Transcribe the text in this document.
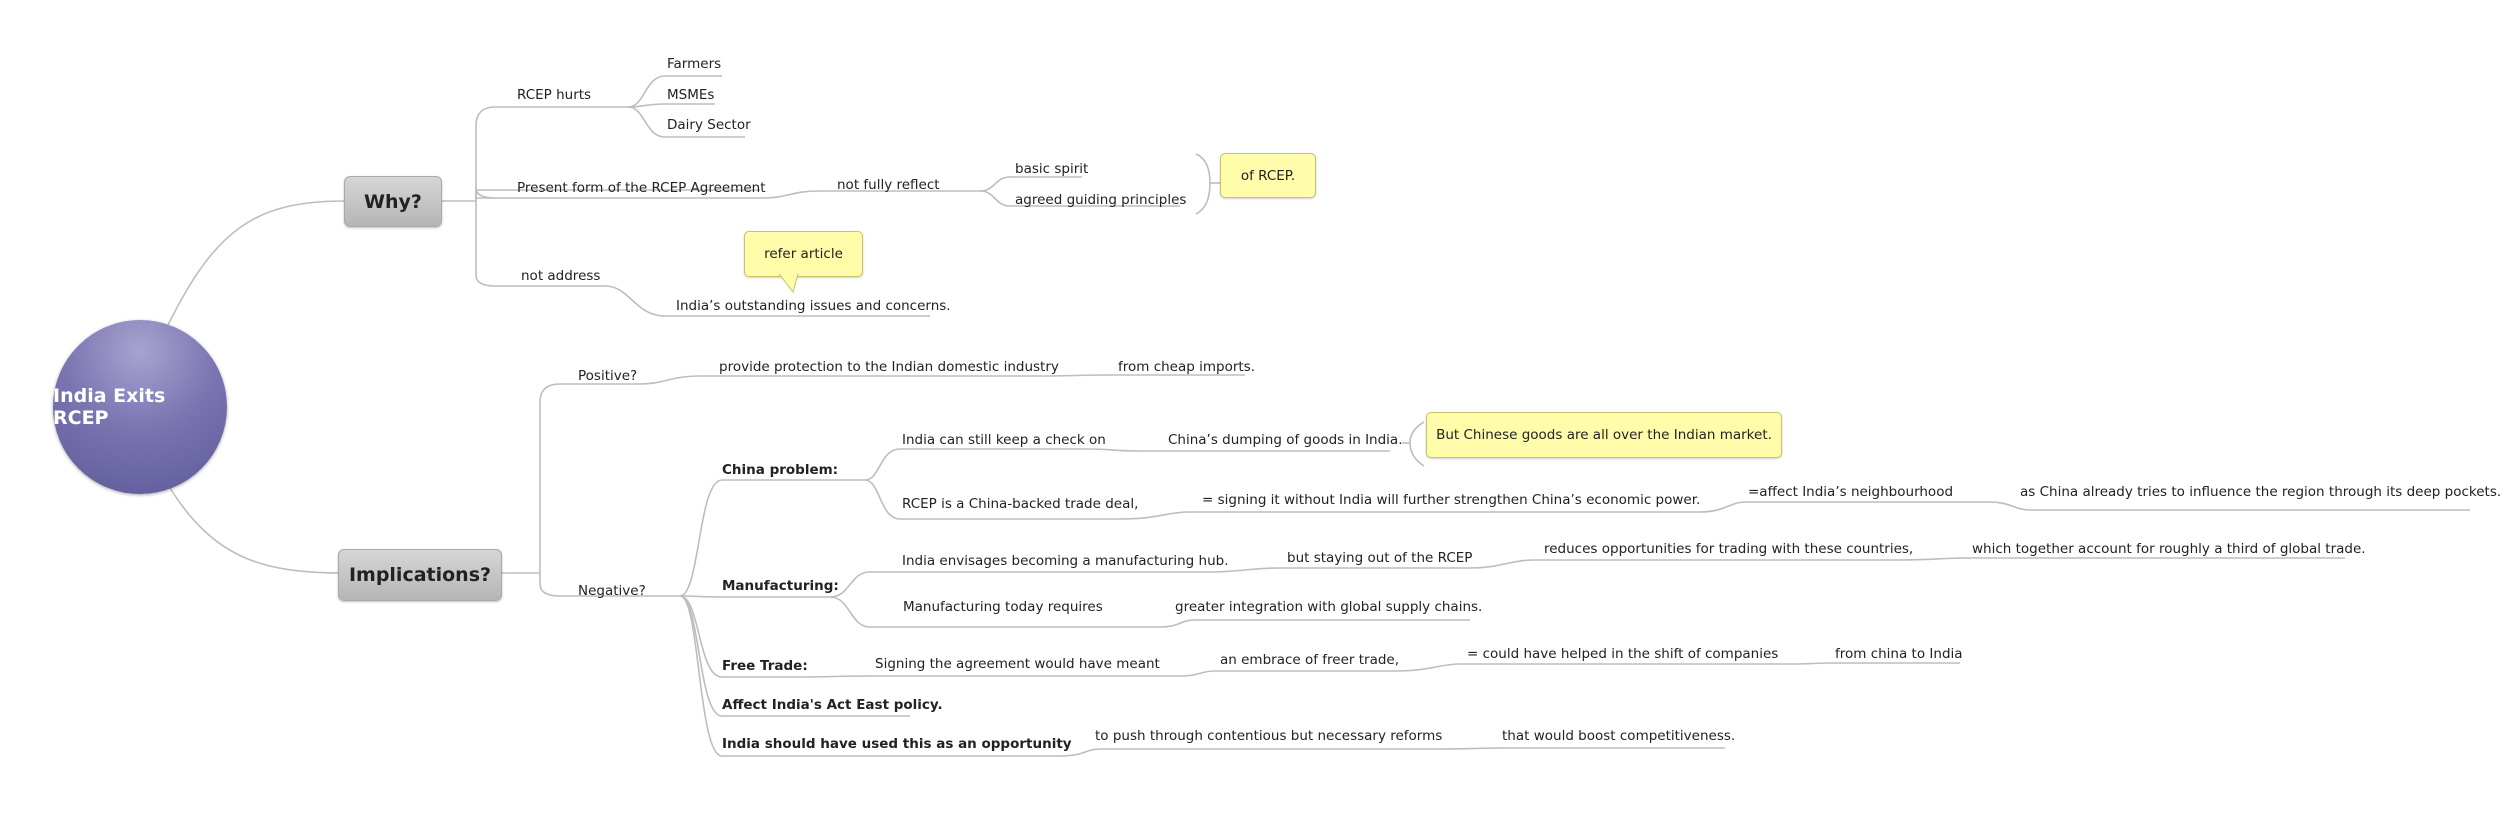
India Exits RCEP
Why?
Implications?
RCEP hurts
Farmers
MSMEs
Dairy Sector
Present form of the RCEP Agreement	not fully reflect
basic spirit
agreed guiding principles
of RCEP.
not address
refer article
India’s outstanding issues and concerns.
Positive?
provide protection to the Indian domestic industry	from cheap imports.
Negative?
China problem:
India can still keep a check on	China’s dumping of goods in India. But Chinese goods are all over the Indian market.
RCEP is a China-backed trade deal,	= signing it without India will further strengthen China’s economic power.	=affect India’s neighbourhood	as China already tries to influence the region through its deep pockets.
Manufacturing:
India envisages becoming a manufacturing hub.	but staying out of the RCEP
reduces opportunities for trading with these countries,	which together account for roughly a third of global trade.
Manufacturing today requires	greater integration with global supply chains.
Free Trade:	Signing the agreement would have meant	an embrace of freer trade,	= could have helped in the shift of companies	from china to India
Affect India's Act East policy.
India should have used this as an opportunity to push through contentious but necessary reforms	that would boost competitiveness.
